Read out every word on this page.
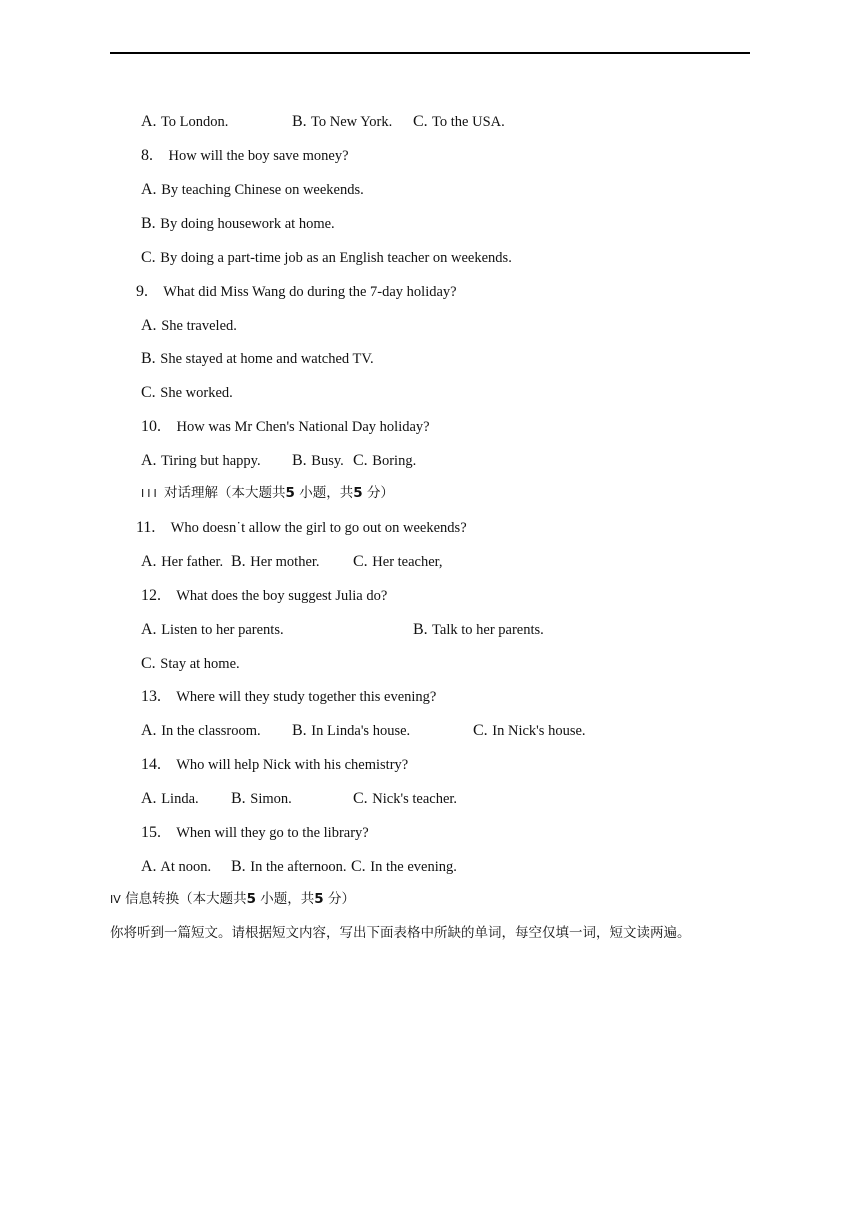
A. To London.	B. To New York. C. To the USA.
8. How will the boy save money?
A. By teaching Chinese on weekends.
B. By doing housework at home.
C. By doing a part-time job as an English teacher on weekends.
9. What did Miss Wang do during the 7-day holiday?
A. She traveled.
B. She stayed at home and watched TV.
C. She worked.
10. How was Mr Chen's National Day holiday?
A. Tiring but happy. B. Busy. C. Boring.
III 对话理解（本大题共5 小题，共5 分）
11. Who doesn˙t allow the girl to go out on weekends?
A. Her father. B. Her mother. C. Her teacher,
12. What does the boy suggest Julia do?
A. Listen to her parents.	B. Talk to her parents.
C. Stay at home.
13. Where will they study together this evening?
A. In the classroom. B. In Linda's house.	C. In Nick's house.
14. Who will help Nick with his chemistry?
A. Linda. B. Simon.	C. Nick's teacher.
15. When will they go to the library?
A. At noon. B. In the afternoon. C. In the evening.
IV 信息转换（本大题共5 小题，共5 分）
你将听到一篇短文。请根据短文内容，写出下面表格中所缺的单词，每空仅填一词，短文读两遍。
